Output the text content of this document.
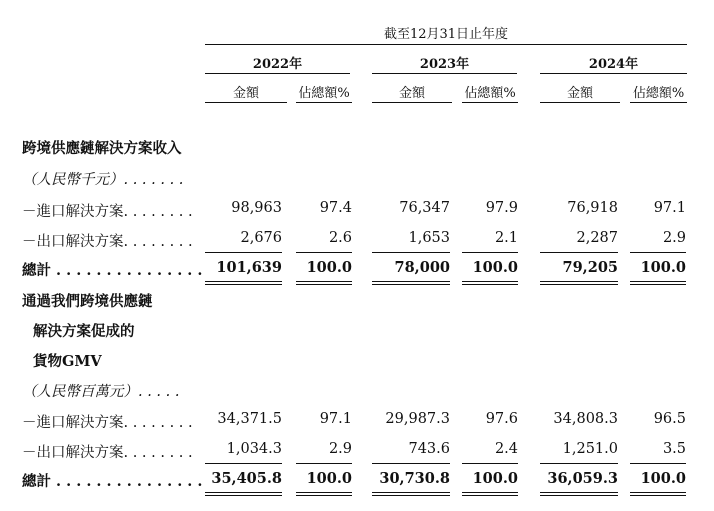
截至12月31日止年度
2022年	2023年	2024年
金額	佔總額%	金額	佔總額%	金額	佔總額%
跨境供應鏈解決方案收入
（人民幣千元）. . . . . . .
－進口解決方案. . . . . . . .	98,963	97.4	76,347	97.9	76,918	97.1
－出口解決方案. . . . . . . .	2,676	2.6	1,653	2.1	2,287	2.9
總計 . . . . . . . . . . . . . . . 101,639	100.0	78,000	100.0	79,205	100.0
通過我們跨境供應鏈
解決方案促成的
貨物GMV
（人民幣百萬元）. . . . .
－進口解決方案. . . . . . . .	34,371.5	97.1	29,987.3	97.6	34,808.3	96.5
－出口解決方案. . . . . . . .	1,034.3	2.9	743.6	2.4	1,251.0	3.5
總計 . . . . . . . . . . . . . . . 35,405.8	100.0	30,730.8	100.0	36,059.3	100.0
